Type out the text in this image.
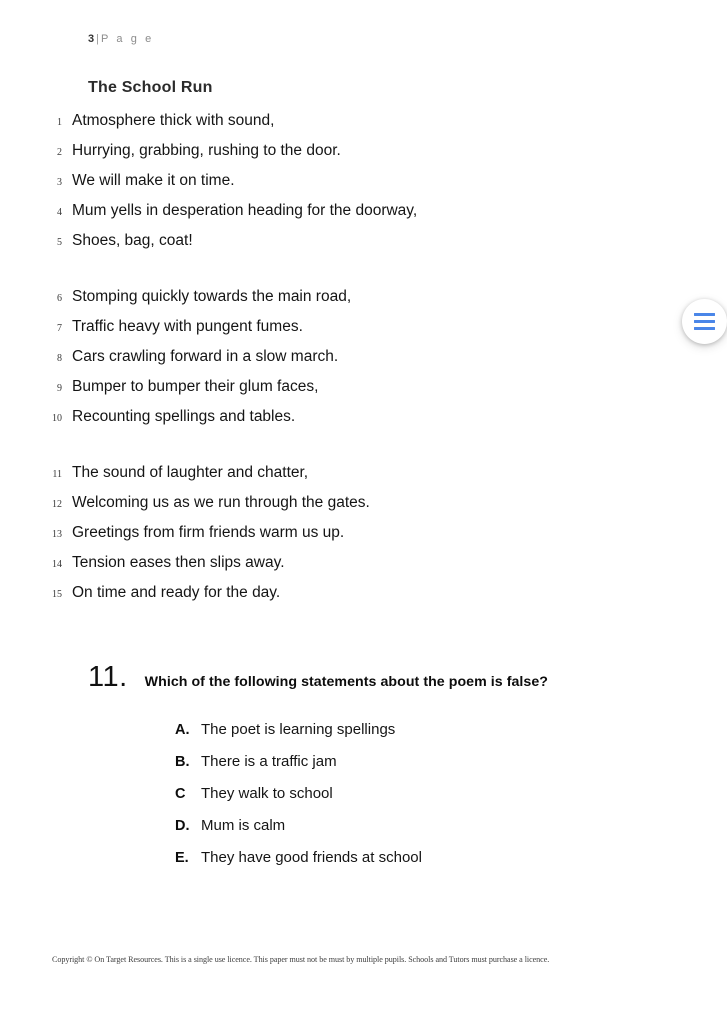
3 | P a g e
The School Run
1 Atmosphere thick with sound,
2 Hurrying, grabbing, rushing to the door.
3 We will make it on time.
4 Mum yells in desperation heading for the doorway,
5 Shoes, bag, coat!
6 Stomping quickly towards the main road,
7 Traffic heavy with pungent fumes.
8 Cars crawling forward in a slow march.
9 Bumper to bumper their glum faces,
10 Recounting spellings and tables.
11 The sound of laughter and chatter,
12 Welcoming us as we run through the gates.
13 Greetings from firm friends warm us up.
14 Tension eases then slips away.
15 On time and ready for the day.
11. Which of the following statements about the poem is false?
A. The poet is learning spellings
B. There is a traffic jam
C	They walk to school
D. Mum is calm
E. They have good friends at school
Copyright © On Target Resources. This is a single use licence. This paper must not be must by multiple pupils. Schools and Tutors must purchase a licence.
